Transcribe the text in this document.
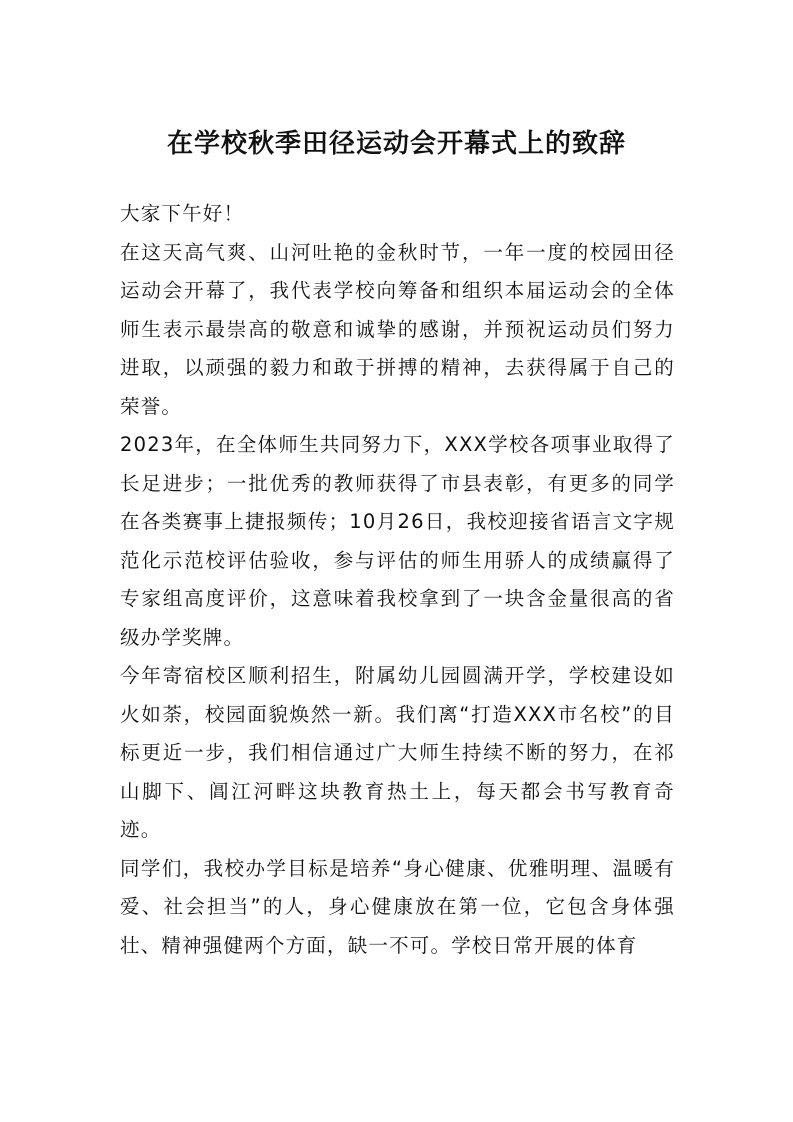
在学校秋季田径运动会开幕式上的致辞

大家下午好！

在这天高气爽、山河吐艳的金秋时节，一年一度的校园田径运动会开幕了，我代表学校向筹备和组织本届运动会的全体师生表示最崇高的敬意和诚挚的感谢，并预祝运动员们努力进取，以顽强的毅力和敢于拼搏的精神，去获得属于自己的荣誉。

2023年，在全体师生共同努力下，XXX学校各项事业取得了长足进步；一批优秀的教师获得了市县表彰，有更多的同学在各类赛事上捷报频传；10月26日，我校迎接省语言文字规范化示范校评估验收，参与评估的师生用骄人的成绩赢得了专家组高度评价，这意味着我校拿到了一块含金量很高的省级办学奖牌。

今年寄宿校区顺利招生，附属幼儿园圆满开学，学校建设如火如荼，校园面貌焕然一新。我们离“打造XXX市名校”的目标更近一步，我们相信通过广大师生持续不断的努力，在祁山脚下、阊江河畔这块教育热土上，每天都会书写教育奇迹。

同学们，我校办学目标是培养“身心健康、优雅明理、温暖有爱、社会担当”的人，身心健康放在第一位，它包含身体强壮、精神强健两个方面，缺一不可。学校日常开展的体育
